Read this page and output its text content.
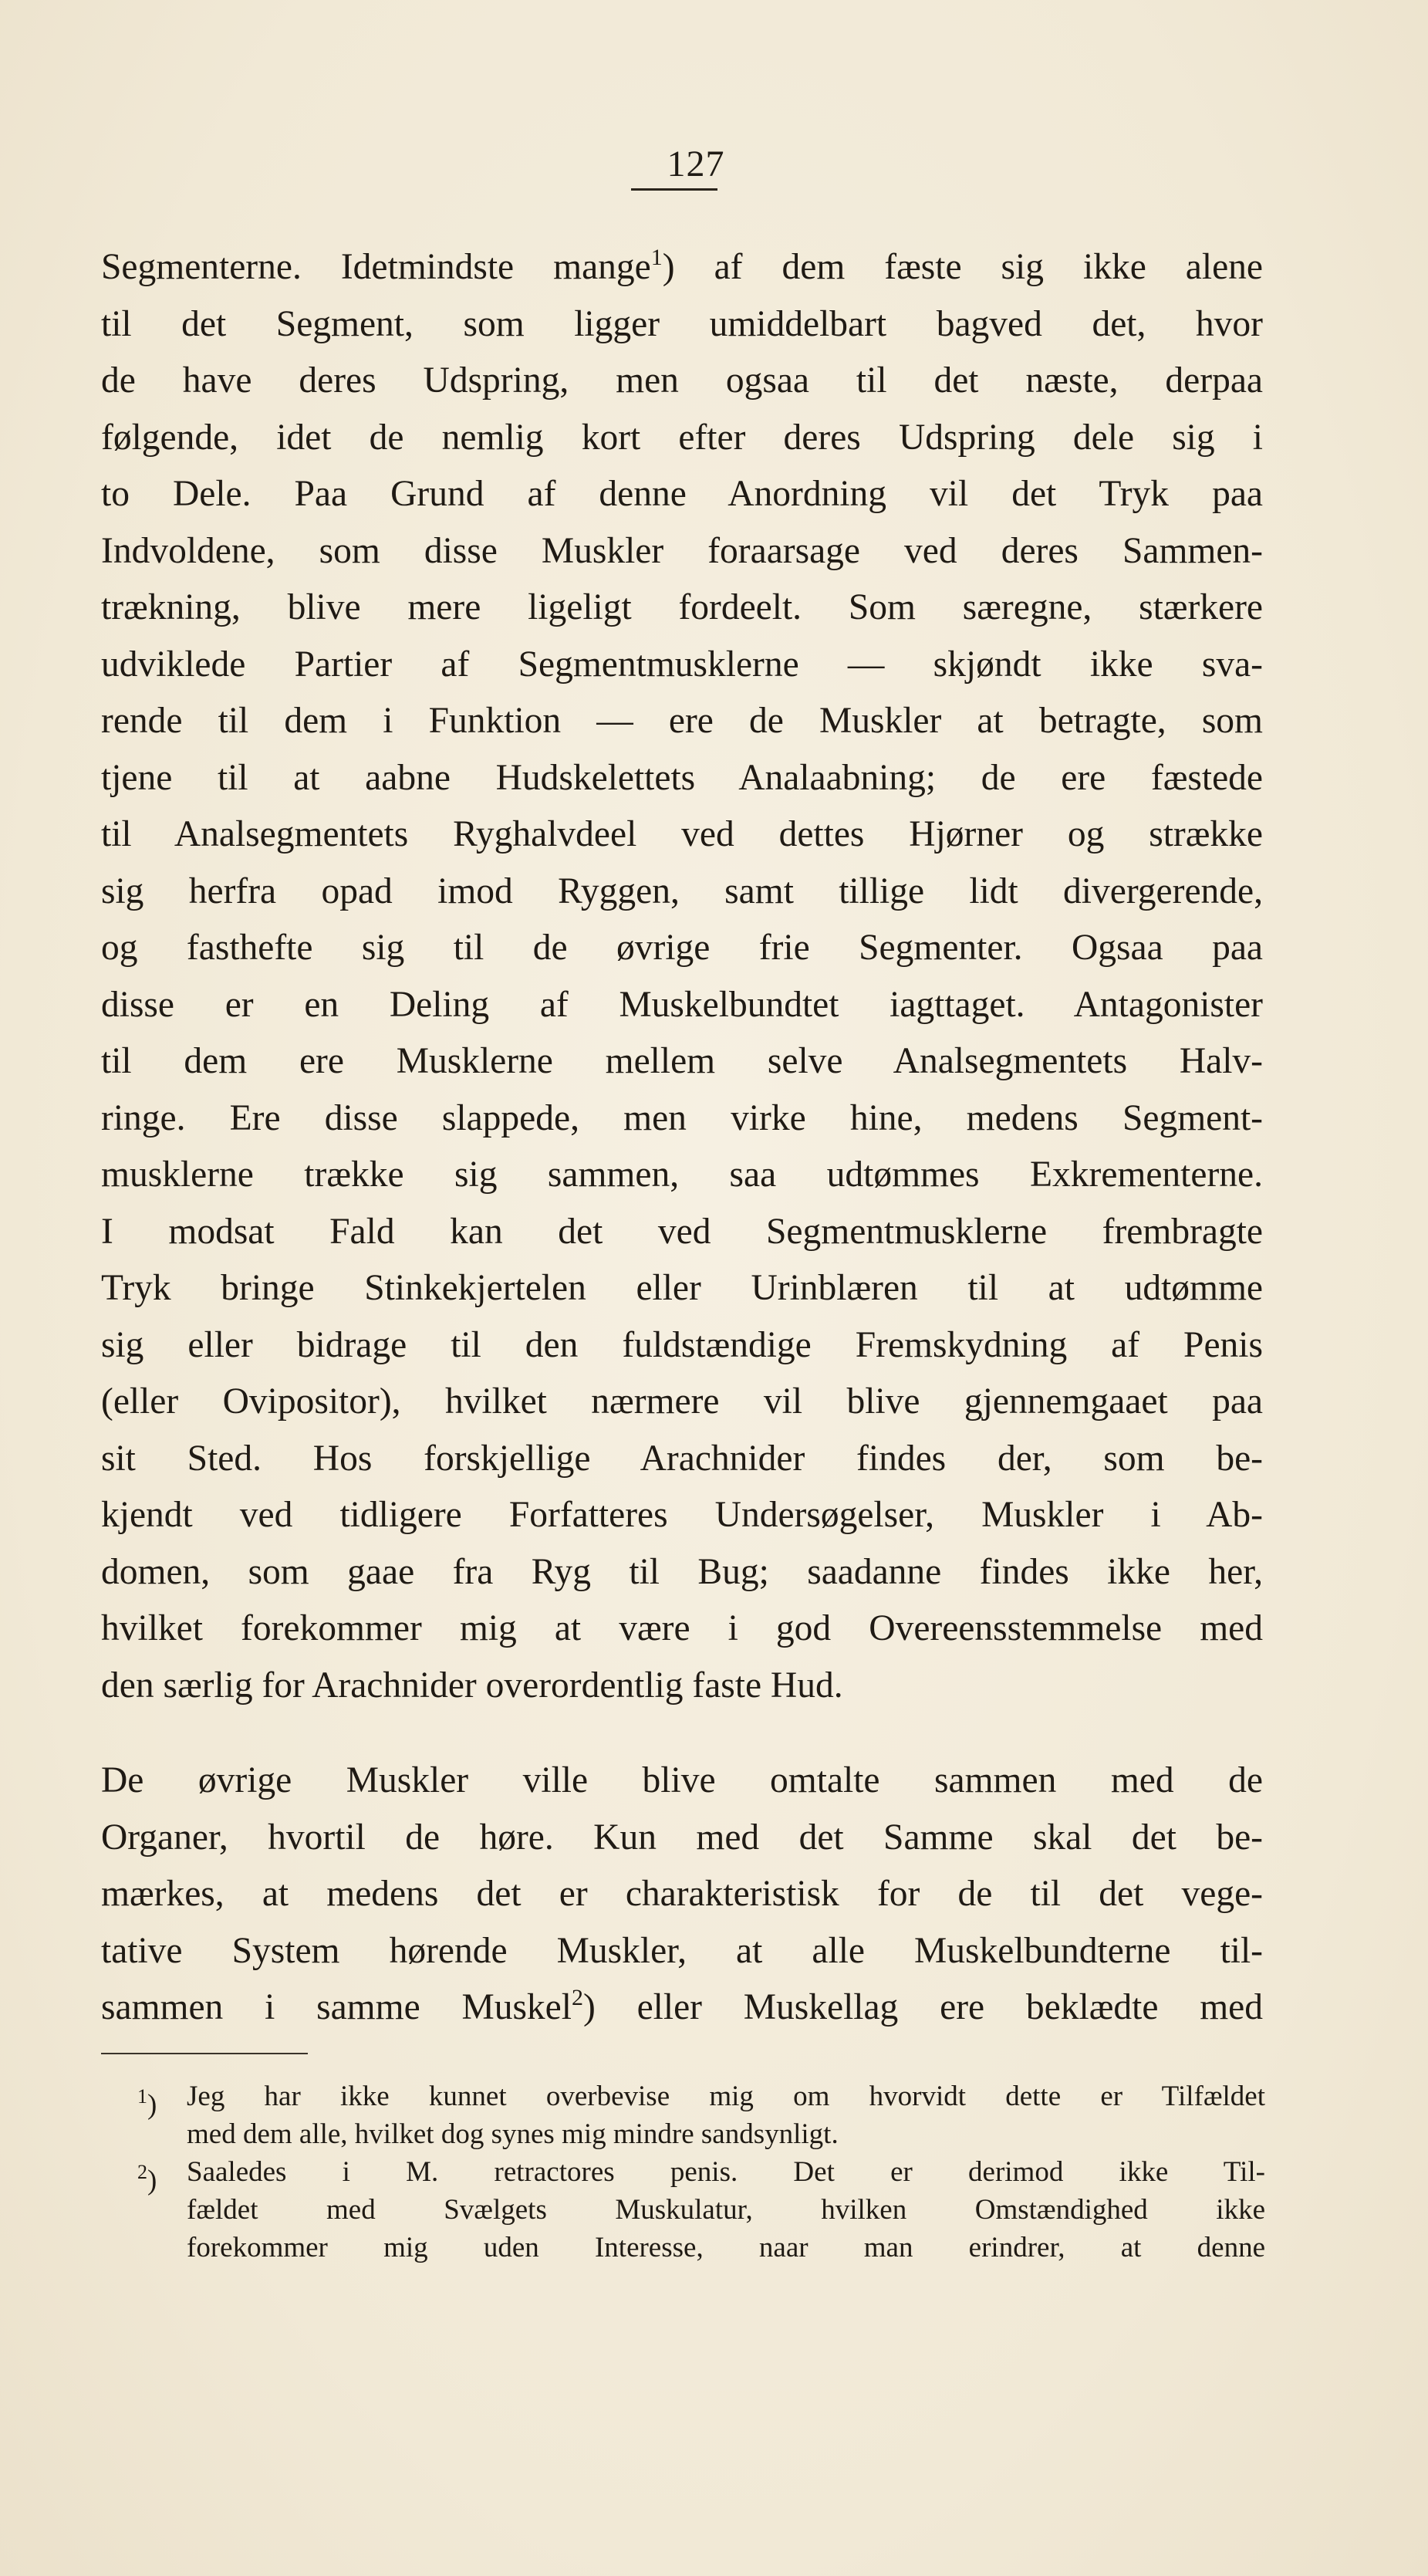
127

Segmenterne. Idetmindste mange$^1$) af dem fæste sig ikke alene
til det Segment, som ligger umiddelbart bagved det, hvor
de have deres Udspring, men ogsaa til det næste, derpaa
følgende, idet de nemlig kort efter deres Udspring dele sig i
to Dele. Paa Grund af denne Anordning vil det Tryk paa
Indvoldene, som disse Muskler foraarsage ved deres Sammen-
trækning, blive mere ligeligt fordeelt. Som særegne, stærkere
udviklede Partier af Segmentmusklerne — skjøndt ikke sva-
rende til dem i Funktion — ere de Muskler at betragte, som
tjene til at aabne Hudskelettets Analaabning; de ere fæstede
til Analsegmentets Ryghalvdeel ved dettes Hjørner og strække
sig herfra opad imod Ryggen, samt tillige lidt divergerende,
og fasthefte sig til de øvrige frie Segmenter. Ogsaa paa
disse er en Deling af Muskelbundtet iagttaget. Antagonister
til dem ere Musklerne mellem selve Analsegmentets Halv-
ringe. Ere disse slappede, men virke hine, medens Segment-
musklerne trække sig sammen, saa udtømmes Exkrementerne.
I modsat Fald kan det ved Segmentmusklerne frembragte
Tryk bringe Stinkekjertelen eller Urinblæren til at udtømme
sig eller bidrage til den fuldstændige Fremskydning af Penis
(eller Ovipositor), hvilket nærmere vil blive gjennemgaaet paa
sit Sted. Hos forskjellige Arachnider findes der, som be-
kjendt ved tidligere Forfatteres Undersøgelser, Muskler i Ab-
domen, som gaae fra Ryg til Bug; saadanne findes ikke her,
hvilket forekommer mig at være i god Overeensstemmelse med
den særlig for Arachnider overordentlig faste Hud.

De øvrige Muskler ville blive omtalte sammen med de
Organer, hvortil de høre. Kun med det Samme skal det be-
mærkes, at medens det er charakteristisk for de til det vege-
tative System hørende Muskler, at alle Muskelbundterne til-
sammen i samme Muskel$^2$) eller Muskellag ere beklædte med

$^1$)	Jeg har ikke kunnet overbevise mig om hvorvidt dette er Tilfældet
med dem alle, hvilket dog synes mig mindre sandsynligt.
$^2$)	Saaledes i M. retractores penis. Det er derimod ikke Til-
fældet med Svælgets Muskulatur, hvilken Omstændighed ikke
forekommer mig uden Interesse, naar man erindrer, at denne
